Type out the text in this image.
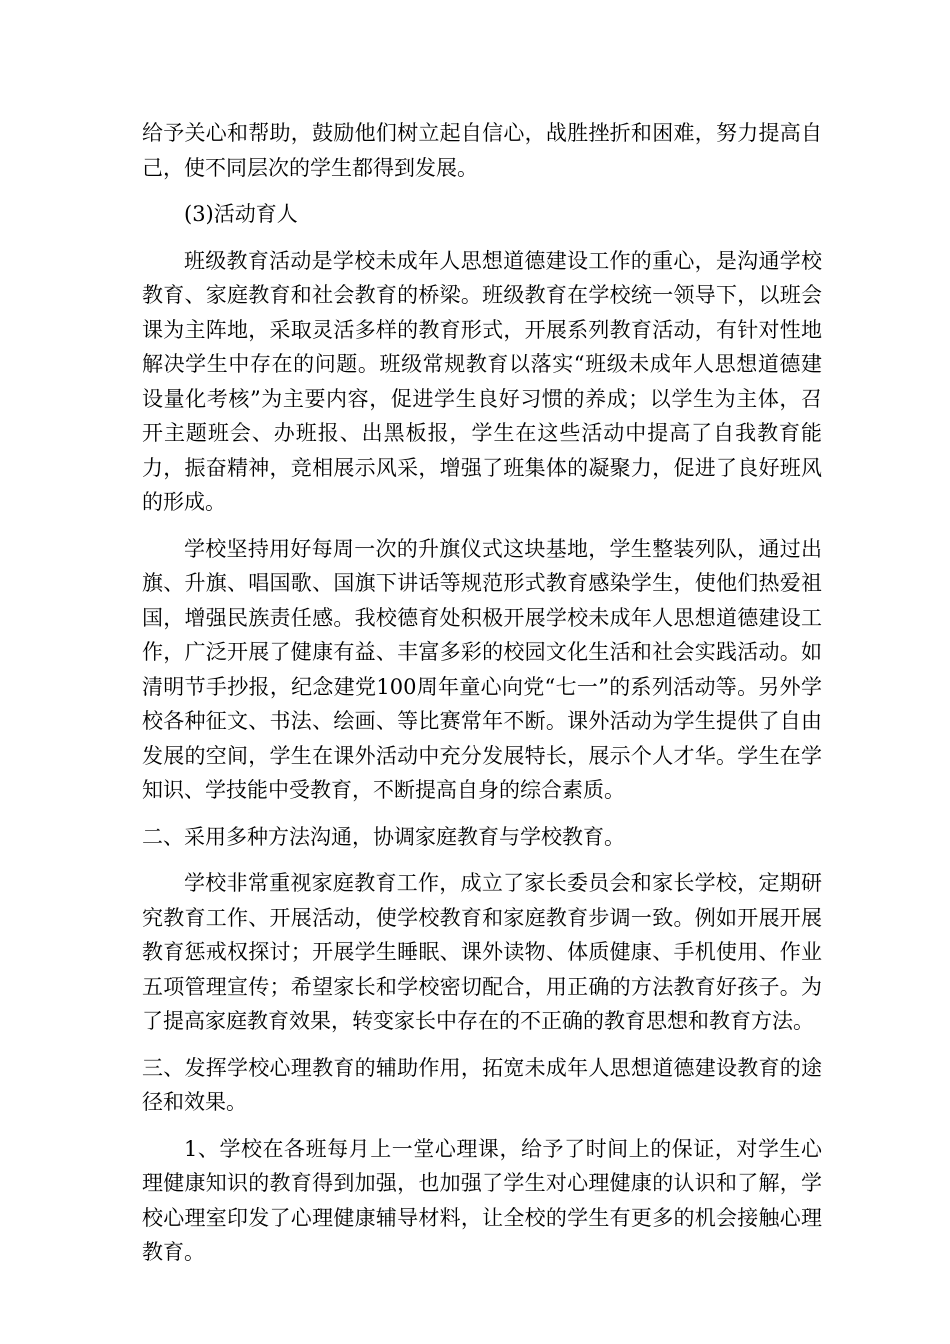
给予关心和帮助，鼓励他们树立起自信心，战胜挫折和困难，努力提高自己，使不同层次的学生都得到发展。

(3)活动育人

班级教育活动是学校未成年人思想道德建设工作的重心，是沟通学校教育、家庭教育和社会教育的桥梁。班级教育在学校统一领导下，以班会课为主阵地，采取灵活多样的教育形式，开展系列教育活动，有针对性地解决学生中存在的问题。班级常规教育以落实“班级未成年人思想道德建设量化考核”为主要内容，促进学生良好习惯的养成；以学生为主体，召开主题班会、办班报、出黑板报，学生在这些活动中提高了自我教育能力，振奋精神，竞相展示风采，增强了班集体的凝聚力，促进了良好班风的形成。

学校坚持用好每周一次的升旗仪式这块基地，学生整装列队，通过出旗、升旗、唱国歌、国旗下讲话等规范形式教育感染学生，使他们热爱祖国，增强民族责任感。我校德育处积极开展学校未成年人思想道德建设工作，广泛开展了健康有益、丰富多彩的校园文化生活和社会实践活动。如清明节手抄报，纪念建党100周年童心向党“七一”的系列活动等。另外学校各种征文、书法、绘画、等比赛常年不断。课外活动为学生提供了自由发展的空间，学生在课外活动中充分发展特长，展示个人才华。学生在学知识、学技能中受教育，不断提高自身的综合素质。

二、采用多种方法沟通，协调家庭教育与学校教育。

学校非常重视家庭教育工作，成立了家长委员会和家长学校，定期研究教育工作、开展活动，使学校教育和家庭教育步调一致。例如开展开展教育惩戒权探讨；开展学生睡眠、课外读物、体质健康、手机使用、作业五项管理宣传；希望家长和学校密切配合，用正确的方法教育好孩子。为了提高家庭教育效果，转变家长中存在的不正确的教育思想和教育方法。

三、发挥学校心理教育的辅助作用，拓宽未成年人思想道德建设教育的途径和效果。

1、学校在各班每月上一堂心理课，给予了时间上的保证，对学生心理健康知识的教育得到加强，也加强了学生对心理健康的认识和了解，学校心理室印发了心理健康辅导材料，让全校的学生有更多的机会接触心理教育。
